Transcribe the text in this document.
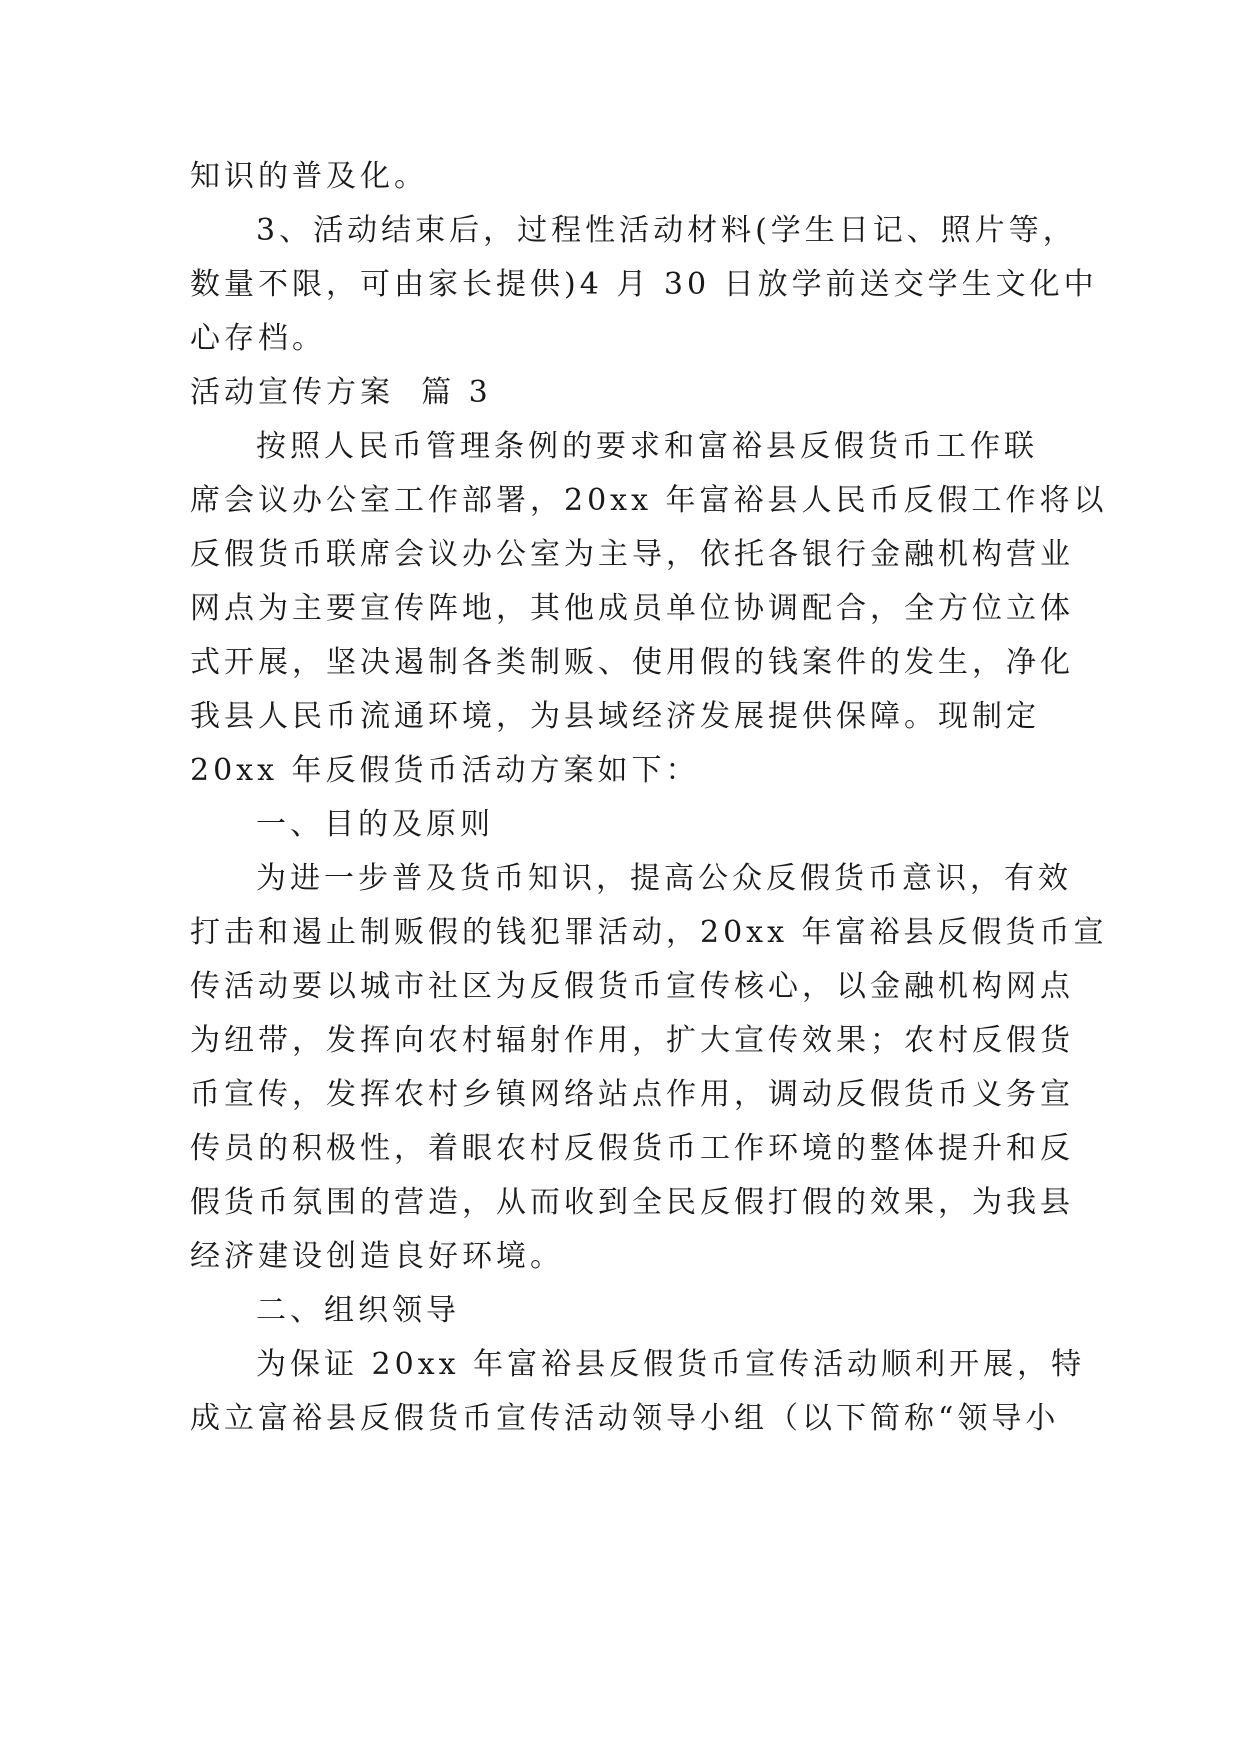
知识的普及化。
3、活动结束后，过程性活动材料(学生日记、照片等，
数量不限，可由家长提供)4 月 30 日放学前送交学生文化中
心存档。
活动宣传方案  篇 3
按照人民币管理条例的要求和富裕县反假货币工作联
席会议办公室工作部署，20xx 年富裕县人民币反假工作将以
反假货币联席会议办公室为主导，依托各银行金融机构营业
网点为主要宣传阵地，其他成员单位协调配合，全方位立体
式开展，坚决遏制各类制贩、使用假的钱案件的发生，净化
我县人民币流通环境，为县域经济发展提供保障。现制定
20xx 年反假货币活动方案如下：
一、目的及原则
为进一步普及货币知识，提高公众反假货币意识，有效
打击和遏止制贩假的钱犯罪活动，20xx 年富裕县反假货币宣
传活动要以城市社区为反假货币宣传核心，以金融机构网点
为纽带，发挥向农村辐射作用，扩大宣传效果；农村反假货
币宣传，发挥农村乡镇网络站点作用，调动反假货币义务宣
传员的积极性，着眼农村反假货币工作环境的整体提升和反
假货币氛围的营造，从而收到全民反假打假的效果，为我县
经济建设创造良好环境。
二、组织领导
为保证 20xx 年富裕县反假货币宣传活动顺利开展，特
成立富裕县反假货币宣传活动领导小组（以下简称“领导小
